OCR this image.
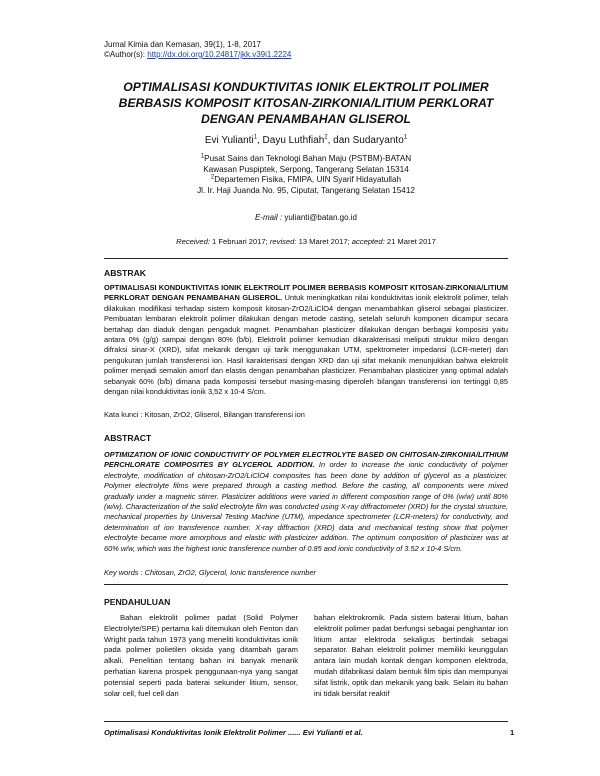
Jurnal Kimia dan Kemasan, 39(1), 1-8, 2017
©Author(s): http://dx.doi.org/10.24817/jkk.v39i1.2224
OPTIMALISASI KONDUKTIVITAS IONIK ELEKTROLIT POLIMER BERBASIS KOMPOSIT KITOSAN-ZIRKONIA/LITIUM PERKLORAT DENGAN PENAMBAHAN GLISEROL
Evi Yulianti$^1$, Dayu Luthfiah$^2$, dan Sudaryanto$^1$
$^1$Pusat Sains dan Teknologi Bahan Maju (PSTBM)-BATAN
Kawasan Puspiptek, Serpong, Tangerang Selatan 15314
$^2$Departemen Fisika, FMIPA, UIN Syarif Hidayatullah
Jl. Ir. Haji Juanda No. 95, Ciputat, Tangerang Selatan 15412
E-mail : yulianti@batan.go.id
Received: 1 Februari 2017; revised: 13 Maret 2017; accepted: 21 Maret 2017
ABSTRAK
OPTIMALISASI KONDUKTIVITAS IONIK ELEKTROLIT POLIMER BERBASIS KOMPOSIT KITOSAN-ZIRKONIA/LITIUM PERKLORAT DENGAN PENAMBAHAN GLISEROL. Untuk meningkatkan nilai konduktivitas ionik elektrolit polimer, telah dilakukan modifikasi terhadap sistem komposit kitosan-ZrO2/LiClO4 dengan menambahkan gliserol sebagai plasticizer. Pembuatan lembaran elektrolit polimer dilakukan dengan metode casting, setelah seluruh komponen dicampur secara bertahap dan diaduk dengan pengaduk magnet. Penambahan plasticizer dilakukan dengan berbagai komposisi yaitu antara 0% (g/g) sampai dengan 80% (b/b). Elektrolit polimer kemudian dikarakterisasi meliputi struktur mikro dengan difraksi sinar-X (XRD), sifat mekanik dengan uji tarik menggunakan UTM, spektrometer impedansi (LCR-meter) dan pengukuran jumlah transferensi ion. Hasil karakterisasi dengan XRD dan uji sifat mekanik menunjukkan bahwa elektrolit polimer menjadi semakin amorf dan elastis dengan penambahan plasticizer. Penambahan plasticizer yang optimal adalah sebanyak 60% (b/b) dimana pada komposisi tersebut masing-masing diperoleh bilangan transferensi ion tertinggi 0,85 dengan nilai konduktivitas ionik 3,52 x 10-4 S/cm.
Kata kunci : Kitosan, ZrO2, Gliserol, Bilangan transferensi ion
ABSTRACT
OPTIMIZATION OF IONIC CONDUCTIVITY OF POLYMER ELECTROLYTE BASED ON CHITOSAN-ZIRKONIA/LITHIUM PERCHLORATE COMPOSITES BY GLYCEROL ADDITION. In order to increase the ionic conductivity of polymer electrolyte, modification of chitosan-ZrO2/LiClO4 composites has been done by addition of glycerol as a plasticizer. Polymer electrolyte films were prepared through a casting method. Before the casting, all components were mixed gradually under a magnetic stirrer. Plasticizer additions were varied in different composition range of 0% (w/w) until 80% (w/w). Characterization of the solid electrolyte film was conducted using X-ray diffractometer (XRD) for the crystal structure, mechanical properties by Universal Testing Machine (UTM), impedance spectrometer (LCR-meters) for conductivity, and determination of ion transference number. X-ray diffraction (XRD) data and mechanical testing show that polymer electrolyte became more amorphous and elastic with plasticizer addition. The optimum composition of plasticizer was at 60% w/w, which was the highest ionic transference number of 0.85 and ionic conductivity of 3.52 x 10-4 S/cm.
Key words : Chitosan, ZrO2, Glycerol, Ionic transference number
PENDAHULUAN
Bahan elektrolit polimer padat (Solid Polymer Electrolyte/SPE) pertama kali ditemukan oleh Fenton dan Wright pada tahun 1973 yang meneliti konduktivitas ionik pada polimer polietilen oksida yang ditambah garam alkali. Penelitian tentang bahan ini banyak menarik perhatian karena prospek penggunaan-nya yang sangat potensial seperti pada baterai sekunder litium, sensor, solar cell, fuel cell dan
bahan elektrokromik. Pada sistem baterai litium, bahan elektrolit polimer padat berfungsi sebagai penghantar ion litium antar elektroda sekaligus bertindak sebagai separator. Bahan elektrolit polimer memiliki keunggulan antara lain mudah kontak dengan komponen elektroda, mudah difabrikasi dalam bentuk film tipis dan mempunyai sifat listrik, optik dan mekanik yang baik. Selain itu bahan ini tidak bersifat reaktif
Optimalisasi Konduktivitas Ionik Elektrolit Polimer ...... Evi Yulianti et al.	1
